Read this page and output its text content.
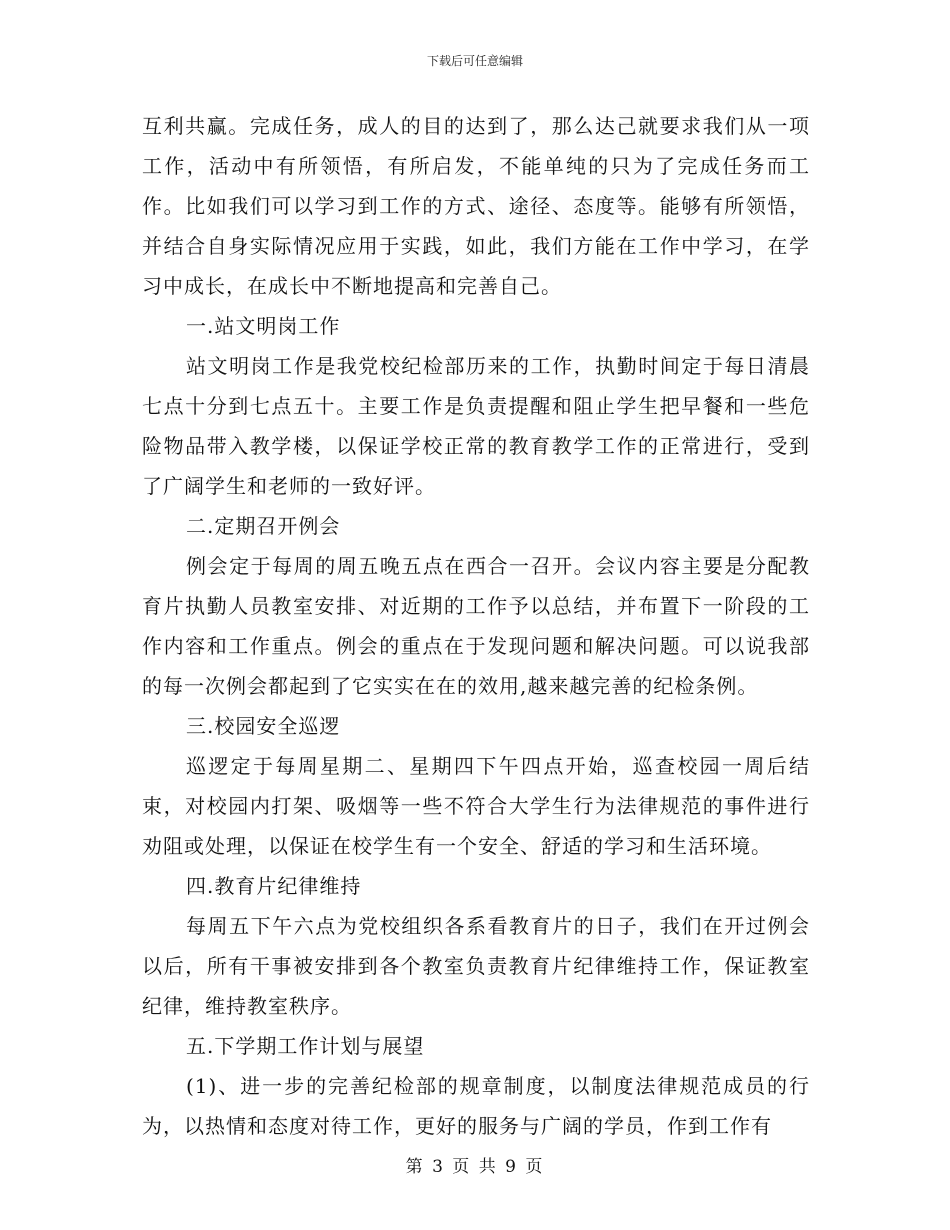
下载后可任意编辑

互利共赢。完成任务，成人的目的达到了，那么达己就要求我们从一项工作，活动中有所领悟，有所启发，不能单纯的只为了完成任务而工作。比如我们可以学习到工作的方式、途径、态度等。能够有所领悟，并结合自身实际情况应用于实践，如此，我们方能在工作中学习，在学习中成长，在成长中不断地提高和完善自己。

一.站文明岗工作

站文明岗工作是我党校纪检部历来的工作，执勤时间定于每日清晨七点十分到七点五十。主要工作是负责提醒和阻止学生把早餐和一些危险物品带入教学楼，以保证学校正常的教育教学工作的正常进行，受到了广阔学生和老师的一致好评。

二.定期召开例会

例会定于每周的周五晚五点在西合一召开。会议内容主要是分配教育片执勤人员教室安排、对近期的工作予以总结，并布置下一阶段的工作内容和工作重点。例会的重点在于发现问题和解决问题。可以说我部的每一次例会都起到了它实实在在的效用,越来越完善的纪检条例。

三.校园安全巡逻

巡逻定于每周星期二、星期四下午四点开始，巡查校园一周后结束，对校园内打架、吸烟等一些不符合大学生行为法律规范的事件进行劝阻或处理，以保证在校学生有一个安全、舒适的学习和生活环境。

四.教育片纪律维持

每周五下午六点为党校组织各系看教育片的日子，我们在开过例会以后，所有干事被安排到各个教室负责教育片纪律维持工作，保证教室纪律，维持教室秩序。

五.下学期工作计划与展望

(1)、进一步的完善纪检部的规章制度，以制度法律规范成员的行为，以热情和态度对待工作，更好的服务与广阔的学员，作到工作有

第 3 页 共 9 页
